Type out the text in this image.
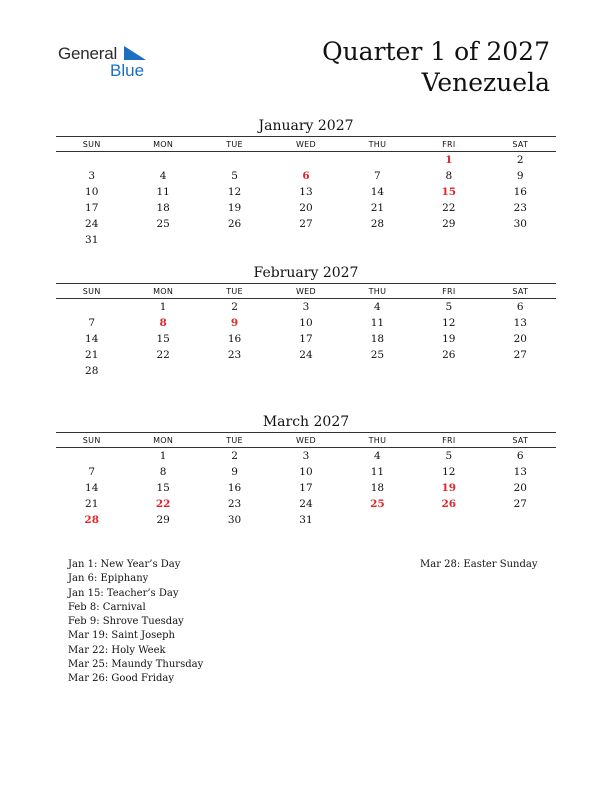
General
Blue
Quarter 1 of 2027
Venezuela
January 2027
SUN	MON	TUE	WED	THU	FRI	SAT
					1	2
3	4	5	6	7	8	9
10	11	12	13	14	15	16
17	18	19	20	21	22	23
24	25	26	27	28	29	30
31						
February 2027
SUN	MON	TUE	WED	THU	FRI	SAT
	1	2	3	4	5	6
7	8	9	10	11	12	13
14	15	16	17	18	19	20
21	22	23	24	25	26	27
28						
March 2027
SUN	MON	TUE	WED	THU	FRI	SAT
	1	2	3	4	5	6
7	8	9	10	11	12	13
14	15	16	17	18	19	20
21	22	23	24	25	26	27
28	29	30	31			
Jan 1: New Year’s Day
Jan 6: Epiphany
Jan 15: Teacher’s Day
Feb 8: Carnival
Feb 9: Shrove Tuesday
Mar 19: Saint Joseph
Mar 22: Holy Week
Mar 25: Maundy Thursday
Mar 26: Good Friday
Mar 28: Easter Sunday
